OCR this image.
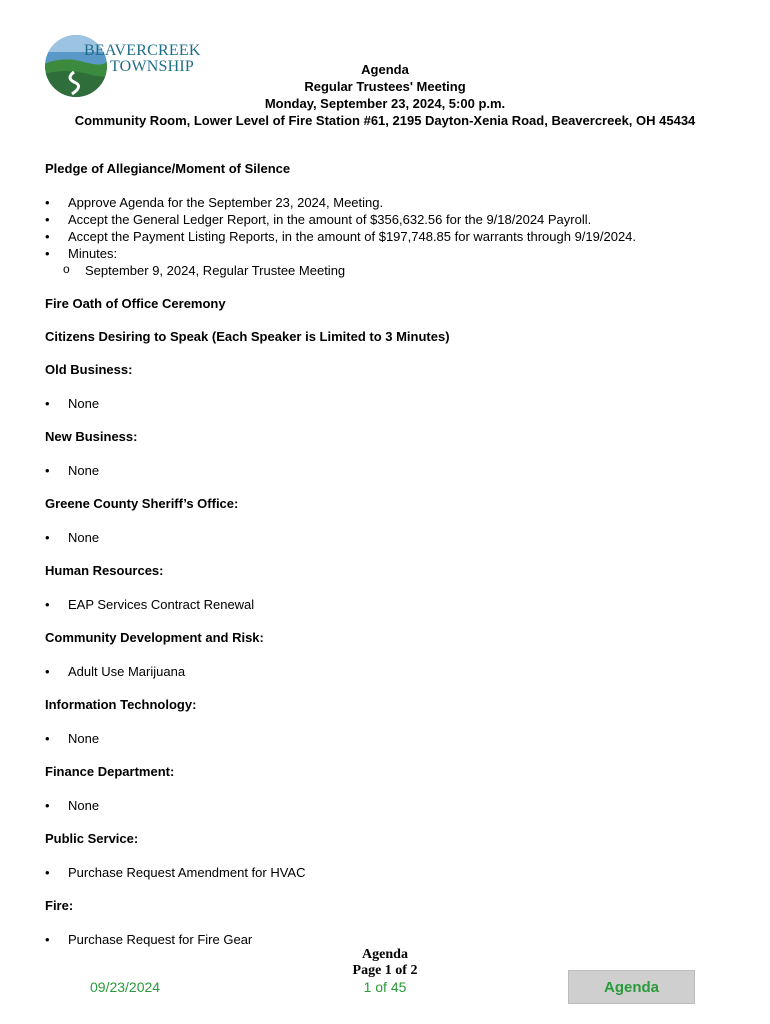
BEAVERCREEK
TOWNSHIP	Agenda
Regular Trustees' Meeting
Monday, September 23, 2024, 5:00 p.m.
Community Room, Lower Level of Fire Station #61, 2195 Dayton-Xenia Road, Beavercreek, OH 45434

Pledge of Allegiance/Moment of Silence

• Approve Agenda for the September 23, 2024, Meeting.
• Accept the General Ledger Report, in the amount of $356,632.56 for the 9/18/2024 Payroll.
• Accept the Payment Listing Reports, in the amount of $197,748.85 for warrants through 9/19/2024.
• Minutes:
o September 9, 2024, Regular Trustee Meeting

Fire Oath of Office Ceremony

Citizens Desiring to Speak (Each Speaker is Limited to 3 Minutes)

Old Business:

• None

New Business:

• None

Greene County Sheriff’s Office:

• None

Human Resources:

• EAP Services Contract Renewal

Community Development and Risk:

• Adult Use Marijuana

Information Technology:

• None

Finance Department:

• None

Public Service:

• Purchase Request Amendment for HVAC

Fire:

• Purchase Request for Fire Gear
Agenda
Page 1 of 2
09/23/2024	1 of 45	Agenda
